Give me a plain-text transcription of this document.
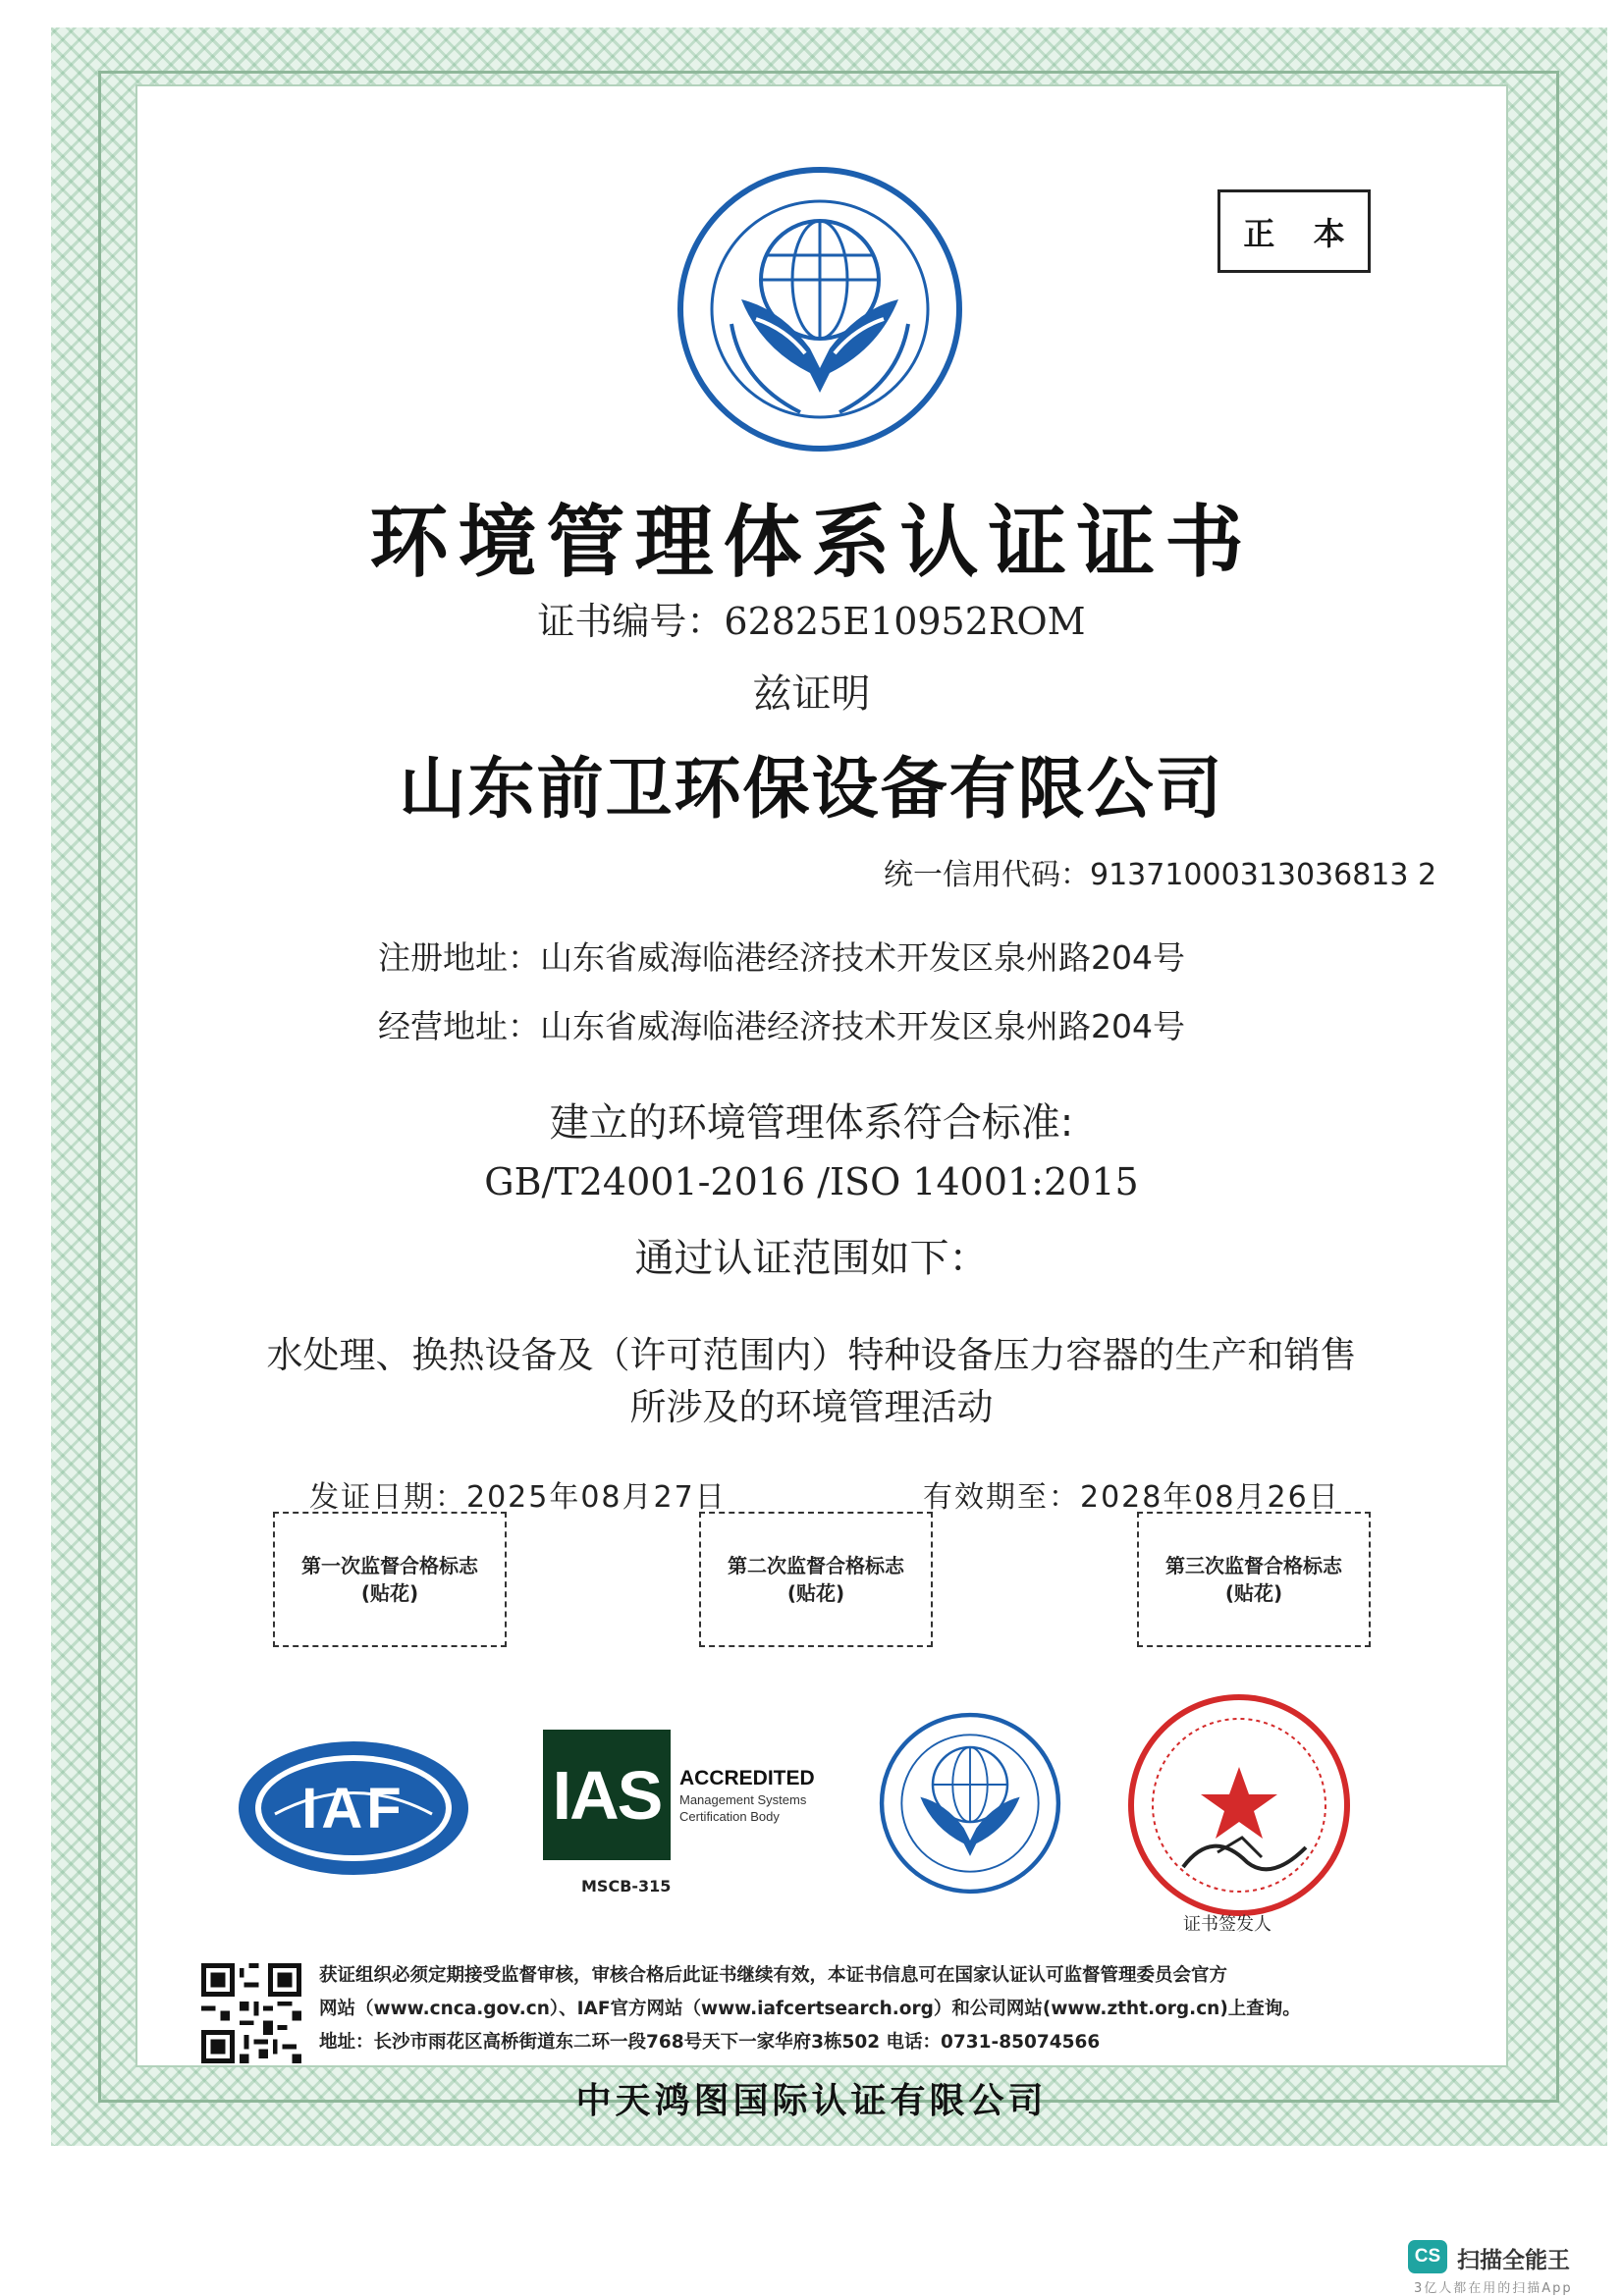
正 本
环境管理体系认证证书
证书编号：62825E10952ROM
兹证明
山东前卫环保设备有限公司
统一信用代码：91371000313036813 2
注册地址：山东省威海临港经济技术开发区泉州路204号
经营地址：山东省威海临港经济技术开发区泉州路204号
建立的环境管理体系符合标准:
GB/T24001-2016 /ISO 14001:2015
通过认证范围如下：
水处理、换热设备及（许可范围内）特种设备压力容器的生产和销售
所涉及的环境管理活动
发证日期：2025年08月27日	有效期至：2028年08月26日
第一次监督合格标志
(贴花)
第二次监督合格标志
(贴花)
第三次监督合格标志
(贴花)
IAF IAS ACCREDITED
Management Systems
Certification Body
MSCB-315
证书签发人
获证组织必须定期接受监督审核，审核合格后此证书继续有效，本证书信息可在国家认证认可监督管理委员会官方
网站（www.cnca.gov.cn）、IAF官方网站（www.iafcertsearch.org）和公司网站(www.ztht.org.cn)上查询。
地址：长沙市雨花区高桥街道东二环一段768号天下一家华府3栋502 电话：0731-85074566
中天鸿图国际认证有限公司
CS 扫描全能王
3亿人都在用的扫描App
